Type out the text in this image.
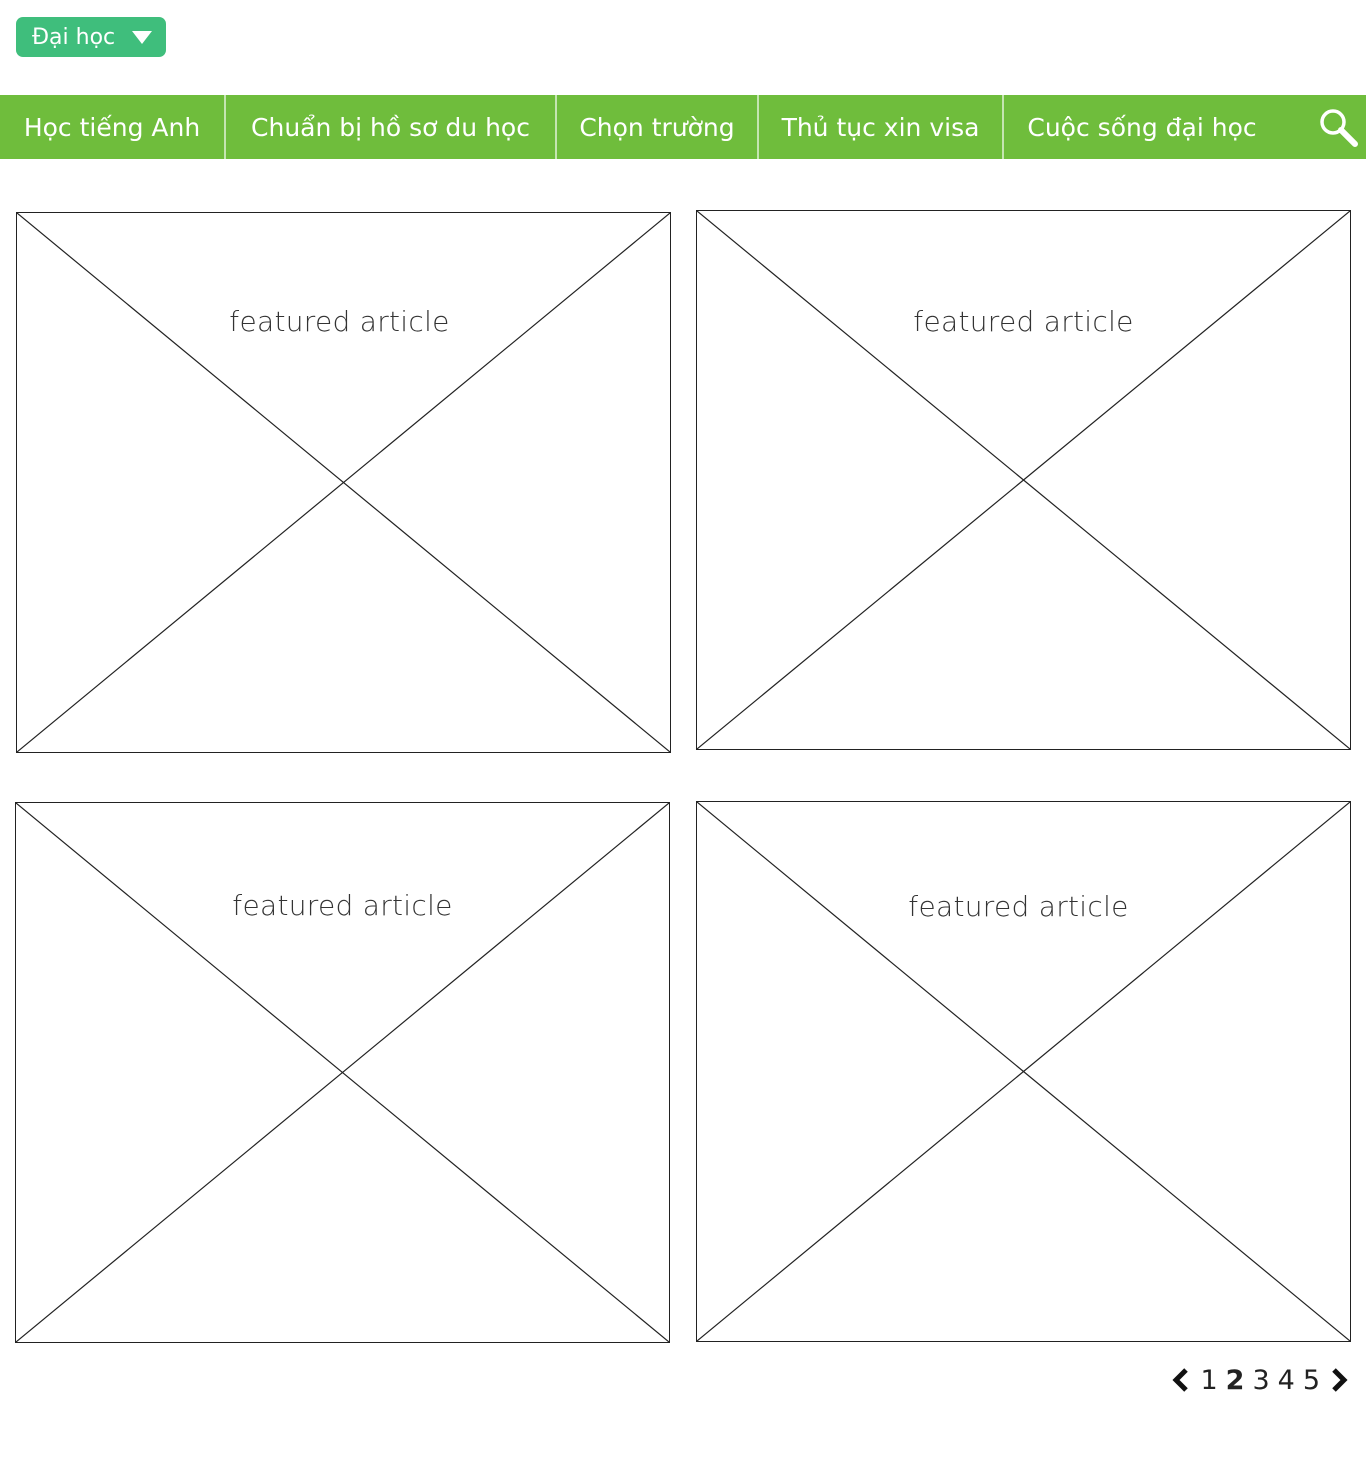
Đại học
Học tiếng Anh Chuẩn bị hồ sơ du học Chọn trường Thủ tục xin visa Cuộc sống đại học
featured article	featured article
featured article	featured article
1 2 3 4 5
